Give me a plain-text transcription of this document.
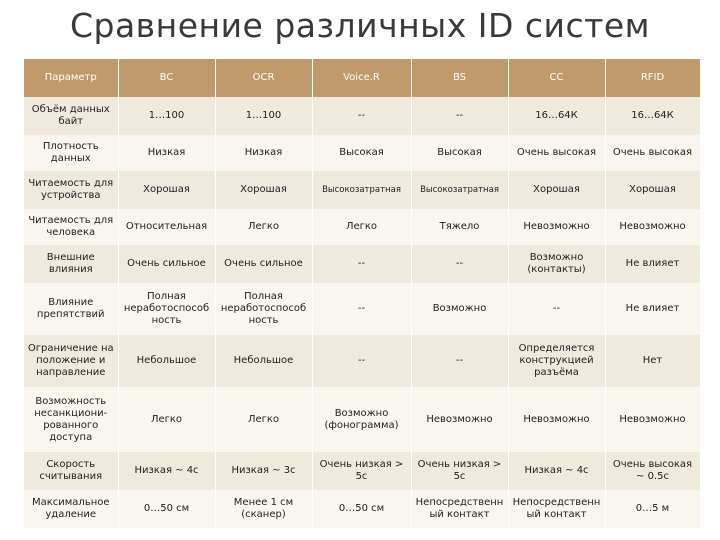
Сравнение различных ID систем
Параметр	BC	OCR	Voice.R	BS	CC	RFID
Объём данных байт	1…100	1…100	--	--	16…64К	16…64К
Плотность данных	Низкая	Низкая	Высокая	Высокая	Очень высокая	Очень высокая
Читаемость для устройства	Хорошая	Хорошая	Высокозатратная	Высокозатратная	Хорошая	Хорошая
Читаемость для человека	Относительная	Легко	Легко	Тяжело	Невозможно	Невозможно
Внешние влияния	Очень сильное	Очень сильное	--	--	Возможно (контакты)	Не влияет
Влияние препятствий	Полная неработоспособ ность	Полная неработоспособ ность	--	Возможно	--	Не влияет
Ограничение на положение и направление	Небольшое	Небольшое	--	--	Определяется конструкцией разъёма	Нет
Возможность несанкциони-рованного доступа	Легко	Легко	Возможно (фонограмма)	Невозможно	Невозможно	Невозможно
Скорость считывания	Низкая ~ 4с	Низкая ~ 3с	Очень низкая > 5с	Очень низкая > 5с	Низкая ~ 4с	Очень высокая ~ 0.5с
Максимальное удаление	0…50 см	Менее 1 см (сканер)	0…50 см	Непосредственн ый контакт	Непосредственн ый контакт	0…5 м
